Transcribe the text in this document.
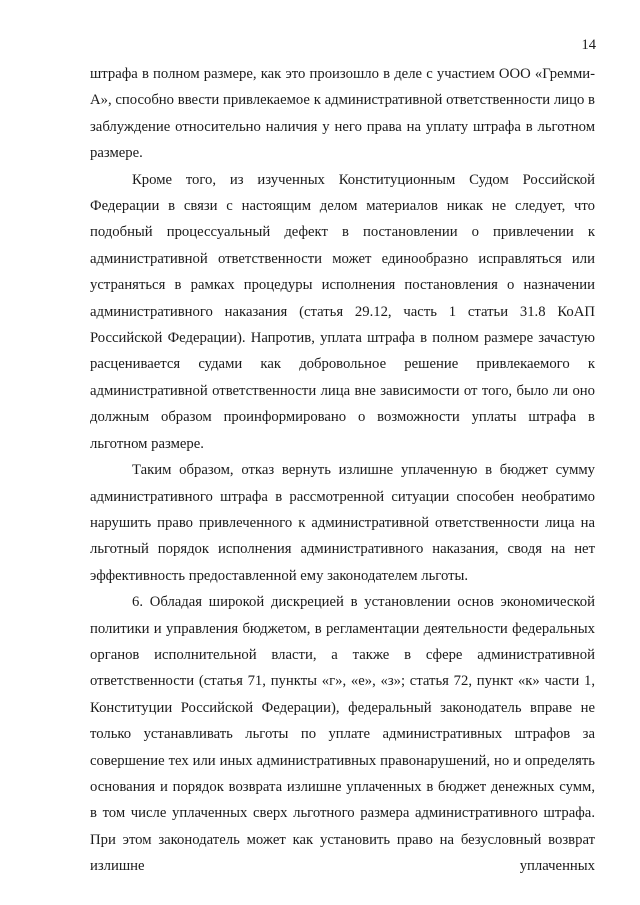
14

штрафа в полном размере, как это произошло в деле с участием ООО «Гремми-А», способно ввести привлекаемое к административной ответственности лицо в заблуждение относительно наличия у него права на уплату штрафа в льготном размере.

Кроме того, из изученных Конституционным Судом Российской Федерации в связи с настоящим делом материалов никак не следует, что подобный процессуальный дефект в постановлении о привлечении к административной ответственности может единообразно исправляться или устраняться в рамках процедуры исполнения постановления о назначении административного наказания (статья 29.12, часть 1 статьи 31.8 КоАП Российской Федерации). Напротив, уплата штрафа в полном размере зачастую расценивается судами как добровольное решение привлекаемого к административной ответственности лица вне зависимости от того, было ли оно должным образом проинформировано о возможности уплаты штрафа в льготном размере.

Таким образом, отказ вернуть излишне уплаченную в бюджет сумму административного штрафа в рассмотренной ситуации способен необратимо нарушить право привлеченного к административной ответственности лица на льготный порядок исполнения административного наказания, сводя на нет эффективность предоставленной ему законодателем льготы.

6. Обладая широкой дискрецией в установлении основ экономической политики и управления бюджетом, в регламентации деятельности федеральных органов исполнительной власти, а также в сфере административной ответственности (статья 71, пункты «г», «е», «з»; статья 72, пункт «к» части 1, Конституции Российской Федерации), федеральный законодатель вправе не только устанавливать льготы по уплате административных штрафов за совершение тех или иных административных правонарушений, но и определять основания и порядок возврата излишне уплаченных в бюджет денежных сумм, в том числе уплаченных сверх льготного размера административного штрафа. При этом законодатель может как установить право на безусловный возврат излишне уплаченных
